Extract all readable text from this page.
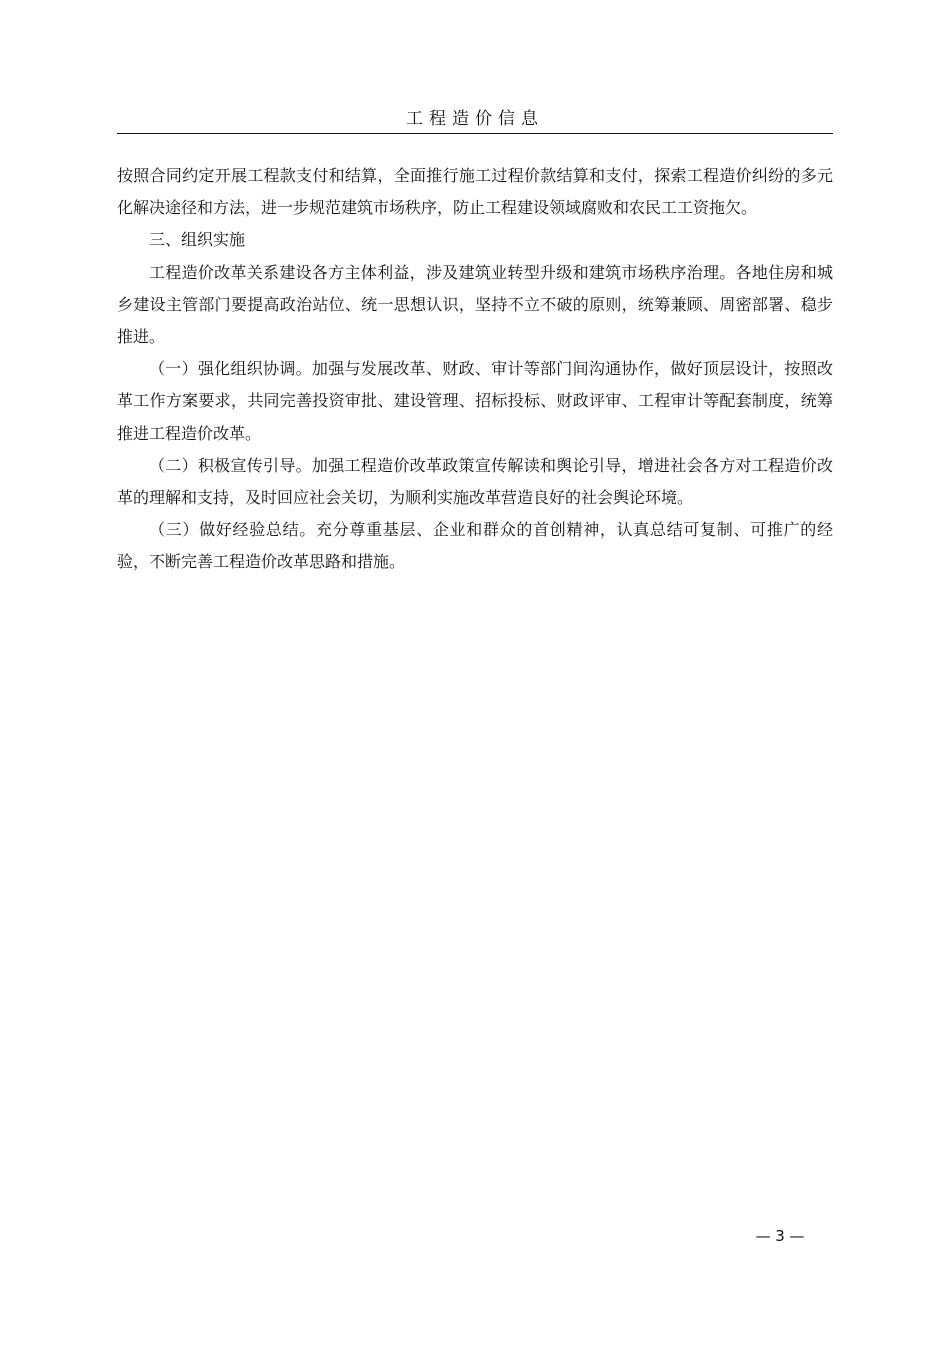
工程造价信息

按照合同约定开展工程款支付和结算，全面推行施工过程价款结算和支付，探索工程造价纠纷的多元化解决途径和方法，进一步规范建筑市场秩序，防止工程建设领域腐败和农民工工资拖欠。

三、组织实施

工程造价改革关系建设各方主体利益，涉及建筑业转型升级和建筑市场秩序治理。各地住房和城乡建设主管部门要提高政治站位、统一思想认识，坚持不立不破的原则，统筹兼顾、周密部署、稳步推进。

（一）强化组织协调。加强与发展改革、财政、审计等部门间沟通协作，做好顶层设计，按照改革工作方案要求，共同完善投资审批、建设管理、招标投标、财政评审、工程审计等配套制度，统筹推进工程造价改革。

（二）积极宣传引导。加强工程造价改革政策宣传解读和舆论引导，增进社会各方对工程造价改革的理解和支持，及时回应社会关切，为顺利实施改革营造良好的社会舆论环境。

（三）做好经验总结。充分尊重基层、企业和群众的首创精神，认真总结可复制、可推广的经验，不断完善工程造价改革思路和措施。

— 3 —
